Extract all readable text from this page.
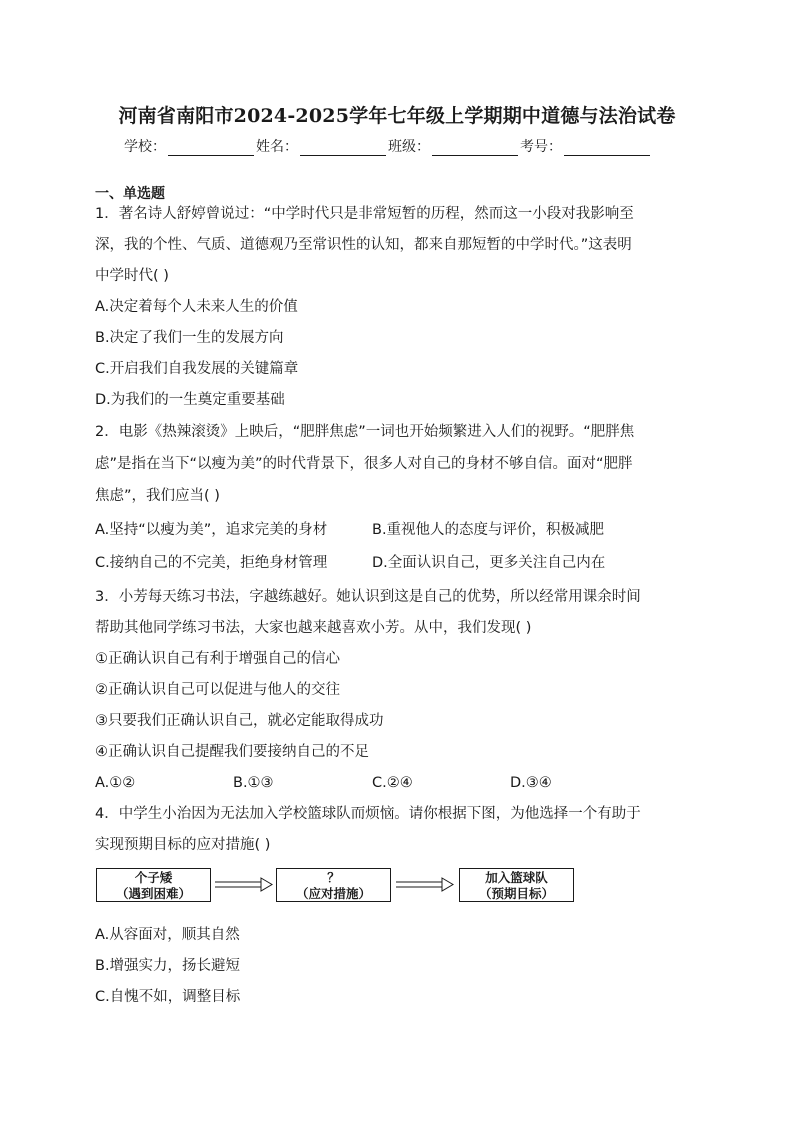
河南省南阳市2024-2025学年七年级上学期期中道德与法治试卷
学校：	姓名：	班级：	考号：
一、单选题
1．著名诗人舒婷曾说过：“中学时代只是非常短暂的历程，然而这一小段对我影响至
深，我的个性、气质、道德观乃至常识性的认知，都来自那短暂的中学时代。”这表明
中学时代( )
A.决定着每个人未来人生的价值
B.决定了我们一生的发展方向
C.开启我们自我发展的关键篇章
D.为我们的一生奠定重要基础
2．电影《热辣滚烫》上映后，“肥胖焦虑”一词也开始频繁进入人们的视野。“肥胖焦
虑”是指在当下“以瘦为美”的时代背景下，很多人对自己的身材不够自信。面对“肥胖
焦虑”，我们应当( )
A.坚持“以瘦为美”，追求完美的身材	B.重视他人的态度与评价，积极减肥
C.接纳自己的不完美，拒绝身材管理	D.全面认识自己，更多关注自己内在
3．小芳每天练习书法，字越练越好。她认识到这是自己的优势，所以经常用课余时间
帮助其他同学练习书法，大家也越来越喜欢小芳。从中，我们发现( )
①正确认识自己有利于增强自己的信心
②正确认识自己可以促进与他人的交往
③只要我们正确认识自己，就必定能取得成功
④正确认识自己提醒我们要接纳自己的不足
A.①②	B.①③	C.②④	D.③④
4．中学生小治因为无法加入学校篮球队而烦恼。请你根据下图，为他选择一个有助于
实现预期目标的应对措施( )
个子矮
（遇到困难）
？
（应对措施）
加入篮球队
（预期目标）
A.从容面对，顺其自然
B.增强实力，扬长避短
C.自愧不如，调整目标
